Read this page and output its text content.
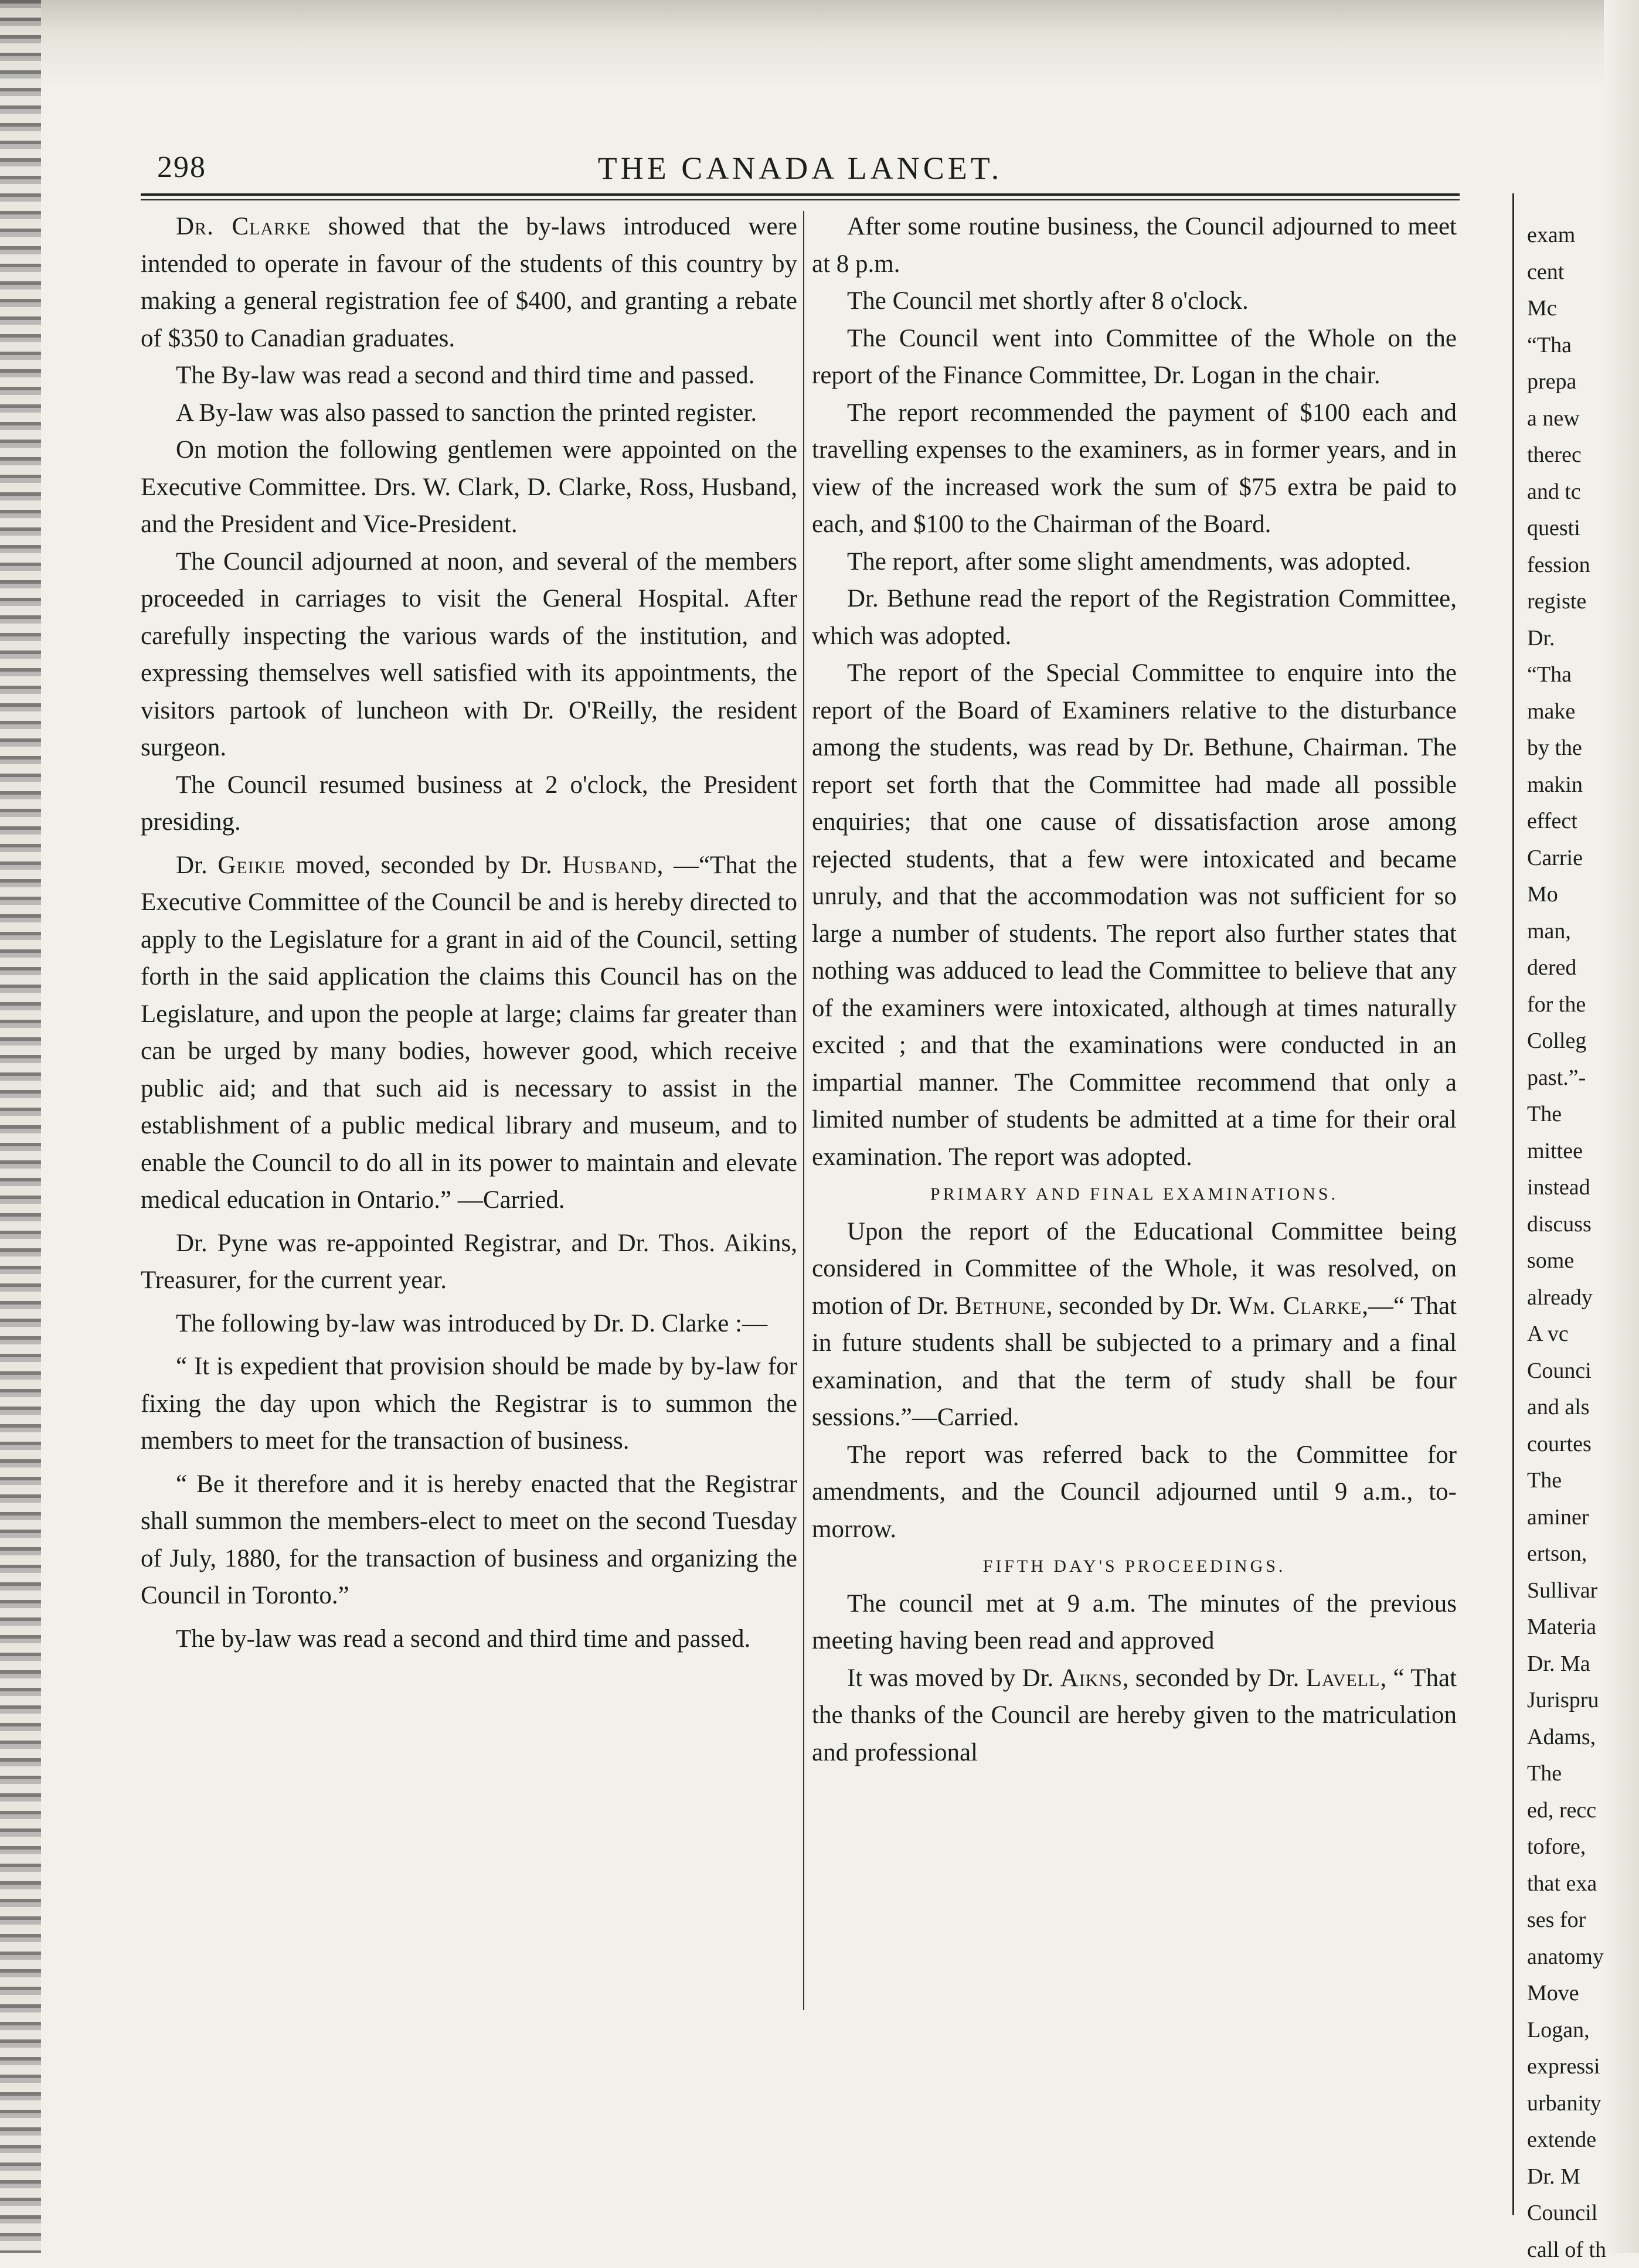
298	THE CANADA LANCET.

Dr. Clarke showed that the by-laws introduced were intended to operate in favour of the students of this country by making a general registration fee of $400, and granting a rebate of $350 to Canadian graduates.

The By-law was read a second and third time and passed.

A By-law was also passed to sanction the printed register.

On motion the following gentlemen were appointed on the Executive Committee. Drs. W. Clark, D. Clarke, Ross, Husband, and the President and Vice-President.

The Council adjourned at noon, and several of the members proceeded in carriages to visit the General Hospital. After carefully inspecting the various wards of the institution, and expressing themselves well satisfied with its appointments, the visitors partook of luncheon with Dr. O'Reilly, the resident surgeon.

The Council resumed business at 2 o'clock, the President presiding.

Dr. Geikie moved, seconded by Dr. Husband, —“That the Executive Committee of the Council be and is hereby directed to apply to the Legislature for a grant in aid of the Council, setting forth in the said application the claims this Council has on the Legislature, and upon the people at large; claims far greater than can be urged by many bodies, however good, which receive public aid; and that such aid is necessary to assist in the establishment of a public medical library and museum, and to enable the Council to do all in its power to maintain and elevate medical education in Ontario.” —Carried.

Dr. Pyne was re-appointed Registrar, and Dr. Thos. Aikins, Treasurer, for the current year.

The following by-law was introduced by Dr. D. Clarke :—

“ It is expedient that provision should be made by by-law for fixing the day upon which the Registrar is to summon the members to meet for the transaction of business.

“ Be it therefore and it is hereby enacted that the Registrar shall summon the members-elect to meet on the second Tuesday of July, 1880, for the transaction of business and organizing the Council in Toronto.”

The by-law was read a second and third time and passed.

After some routine business, the Council adjourned to meet at 8 p.m.

The Council met shortly after 8 o'clock.

The Council went into Committee of the Whole on the report of the Finance Committee, Dr. Logan in the chair.

The report recommended the payment of $100 each and travelling expenses to the examiners, as in former years, and in view of the increased work the sum of $75 extra be paid to each, and $100 to the Chairman of the Board.

The report, after some slight amendments, was adopted.

Dr. Bethune read the report of the Registration Committee, which was adopted.

The report of the Special Committee to enquire into the report of the Board of Examiners relative to the disturbance among the students, was read by Dr. Bethune, Chairman. The report set forth that the Committee had made all possible enquiries; that one cause of dissatisfaction arose among rejected students, that a few were intoxicated and became unruly, and that the accommodation was not sufficient for so large a number of students. The report also further states that nothing was adduced to lead the Committee to believe that any of the examiners were intoxicated, although at times naturally excited ; and that the examinations were conducted in an impartial manner. The Committee recommend that only a limited number of students be admitted at a time for their oral examination. The report was adopted.

PRIMARY AND FINAL EXAMINATIONS.

Upon the report of the Educational Committee being considered in Committee of the Whole, it was resolved, on motion of Dr. Bethune, seconded by Dr. Wm. Clarke,—“ That in future students shall be subjected to a primary and a final examination, and that the term of study shall be four sessions.”—Carried.

The report was referred back to the Committee for amendments, and the Council adjourned until 9 a.m., to-morrow.

FIFTH DAY'S PROCEEDINGS.

The council met at 9 a.m. The minutes of the previous meeting having been read and approved

It was moved by Dr. Aikns, seconded by Dr. Lavell, “ That the thanks of the Council are hereby given to the matriculation and professional

exam
cent
Mc
“Tha
prepa
a new
therec
and tc
questi
fession
registe
Dr.
“Tha
make
by the
makin
effect
Carrie
Mo
man,
dered
for the
Colleg
past.”-
The
mittee
instead
discuss
some
already
A vc
Counci
and als
courtes
The
aminer
ertson,
Sullivar
Materia
Dr. Ma
Jurispru
Adams,
The
ed, recc
tofore,
that exa
ses for
anatomy
Move
Logan,
expressi
urbanity
extende
Dr. M
Council
call of th
